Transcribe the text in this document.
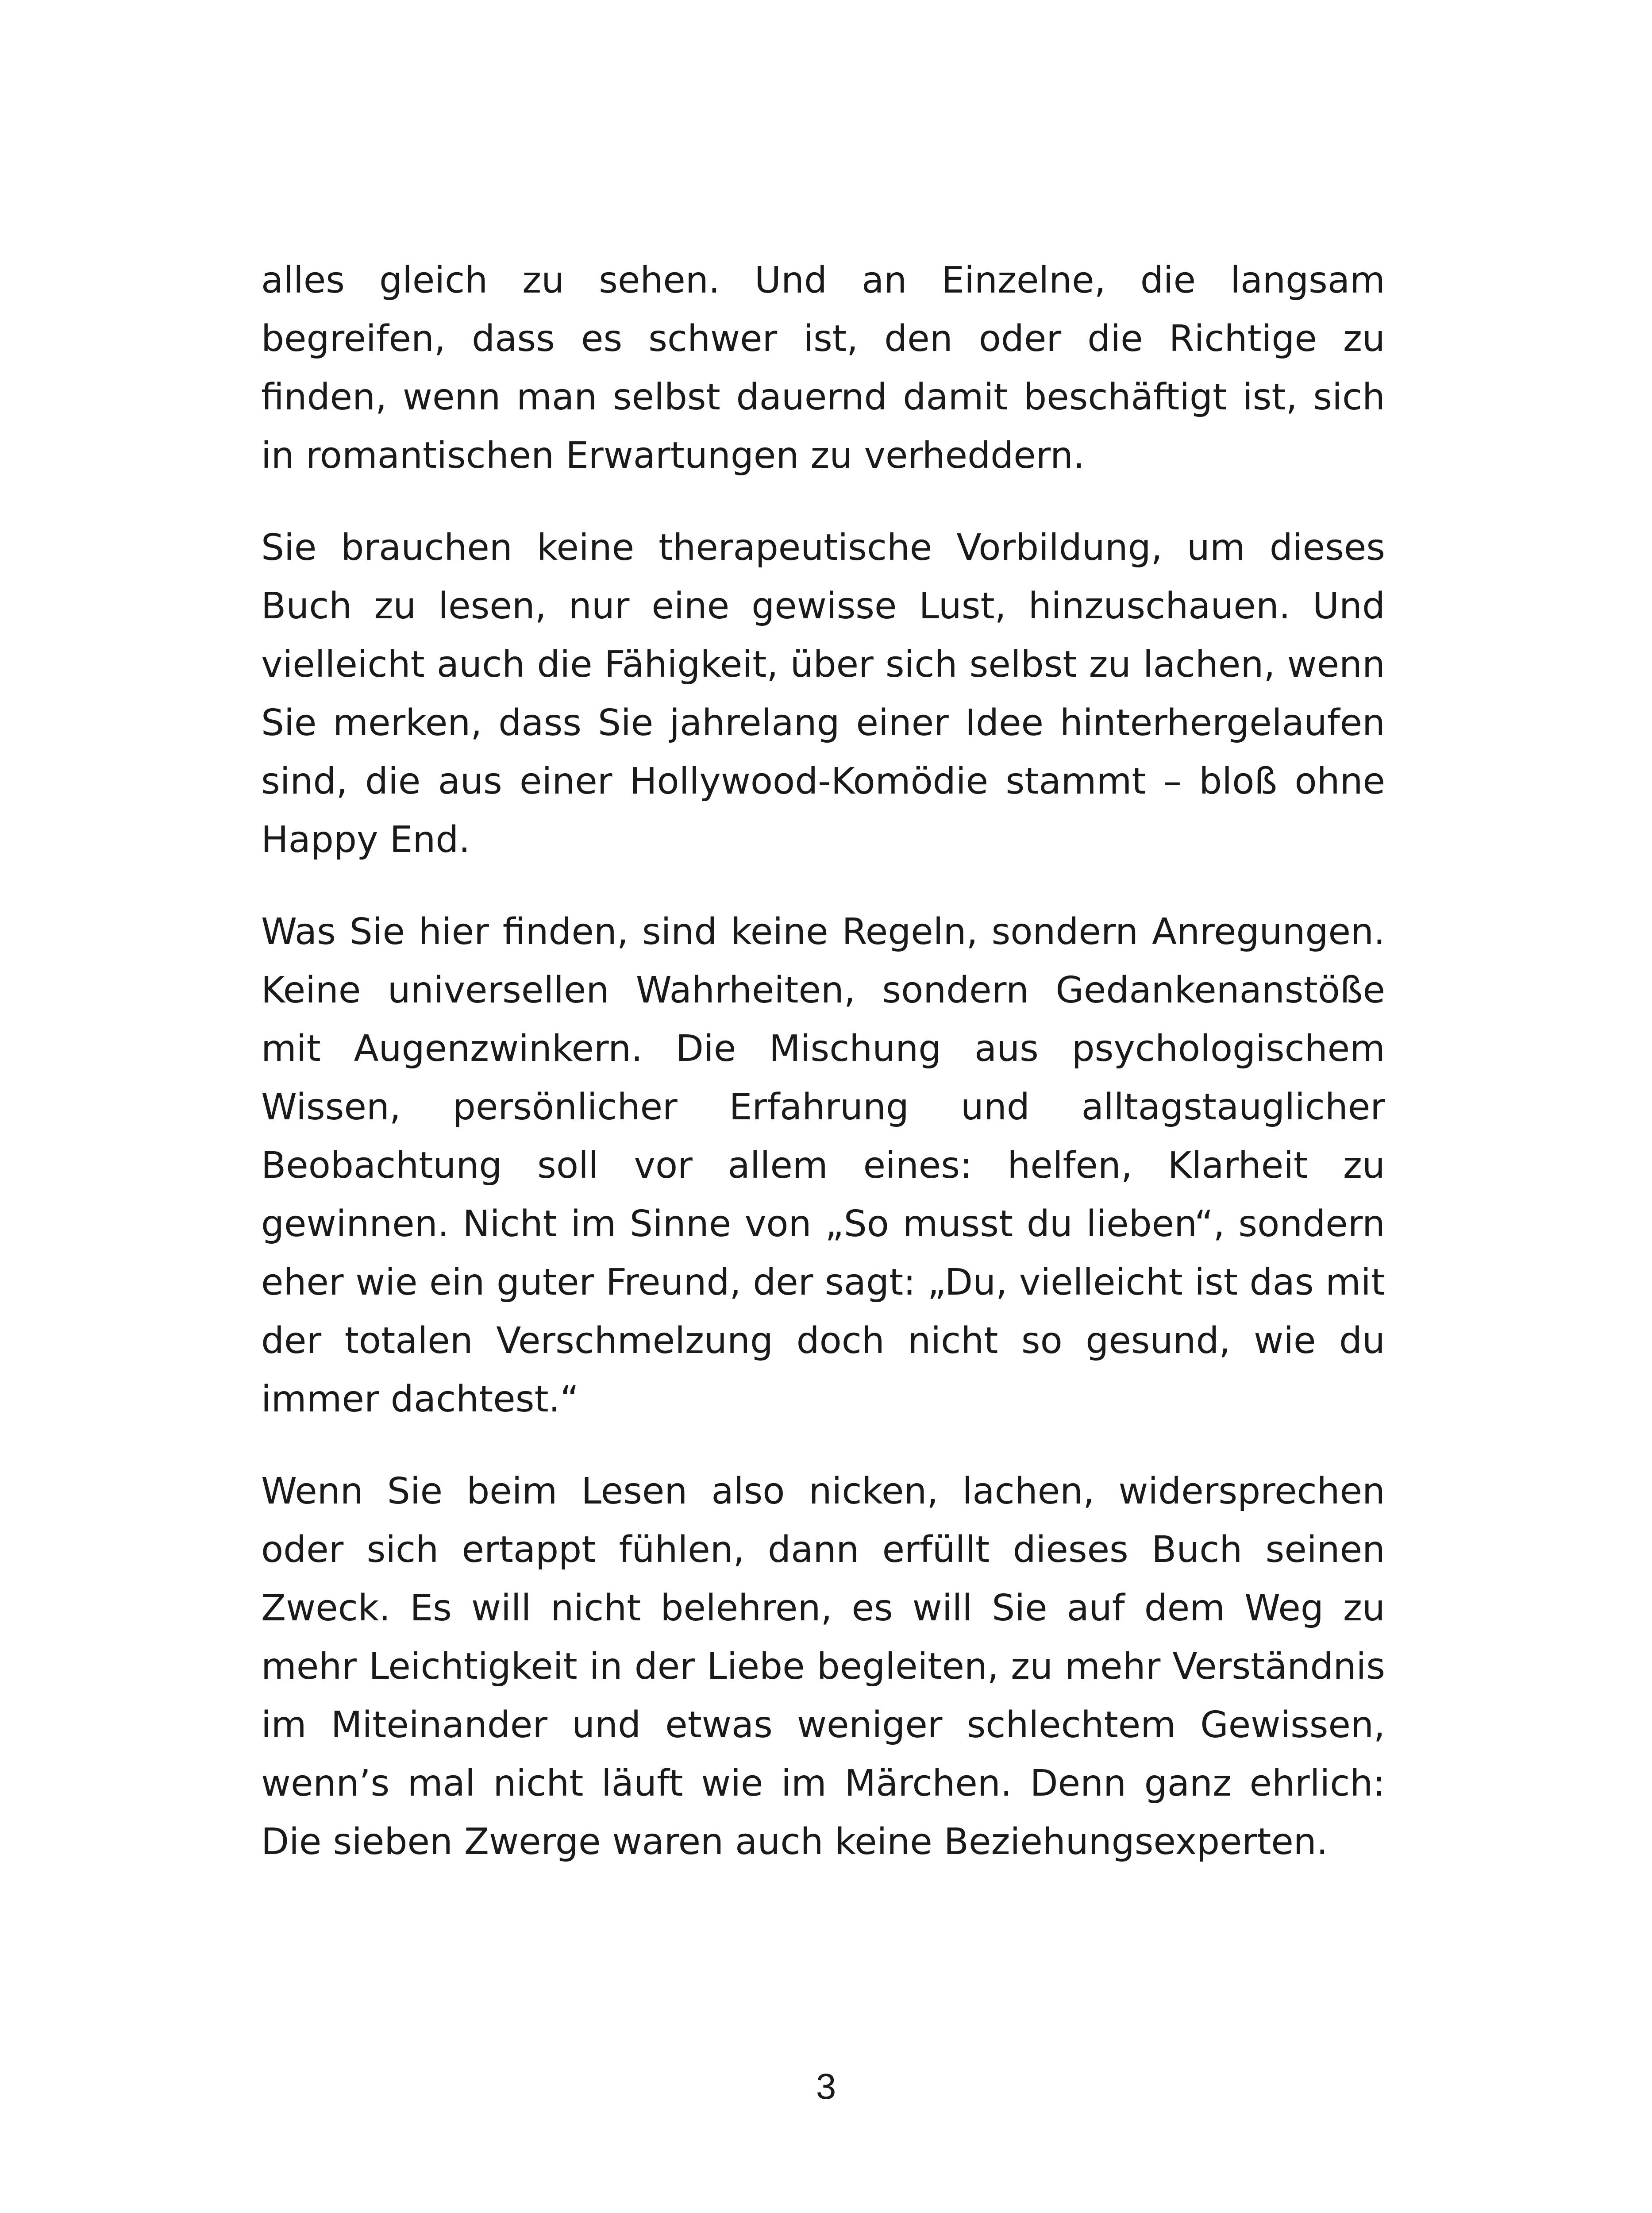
alles gleich zu sehen. Und an Einzelne, die langsam begreifen, dass es schwer ist, den oder die Richtige zu finden, wenn man selbst dauernd damit beschäftigt ist, sich in romantischen Erwartungen zu verheddern.

Sie brauchen keine therapeutische Vorbildung, um dieses Buch zu lesen, nur eine gewisse Lust, hinzuschauen. Und vielleicht auch die Fähigkeit, über sich selbst zu lachen, wenn Sie merken, dass Sie jahrelang einer Idee hinterhergelaufen sind, die aus einer Hollywood-Komödie stammt – bloß ohne Happy End.

Was Sie hier finden, sind keine Regeln, sondern Anregungen. Keine universellen Wahrheiten, sondern Gedankenanstöße mit Augenzwinkern. Die Mischung aus psychologischem Wissen, persönlicher Erfahrung und alltagstauglicher Beobachtung soll vor allem eines: helfen, Klarheit zu gewinnen. Nicht im Sinne von „So musst du lieben“, sondern eher wie ein guter Freund, der sagt: „Du, vielleicht ist das mit der totalen Verschmelzung doch nicht so gesund, wie du immer dachtest.“

Wenn Sie beim Lesen also nicken, lachen, widersprechen oder sich ertappt fühlen, dann erfüllt dieses Buch seinen Zweck. Es will nicht belehren, es will Sie auf dem Weg zu mehr Leichtigkeit in der Liebe begleiten, zu mehr Verständnis im Miteinander und etwas weniger schlechtem Gewissen, wenn’s mal nicht läuft wie im Märchen. Denn ganz ehrlich: Die sieben Zwerge waren auch keine Beziehungsexperten.

3
